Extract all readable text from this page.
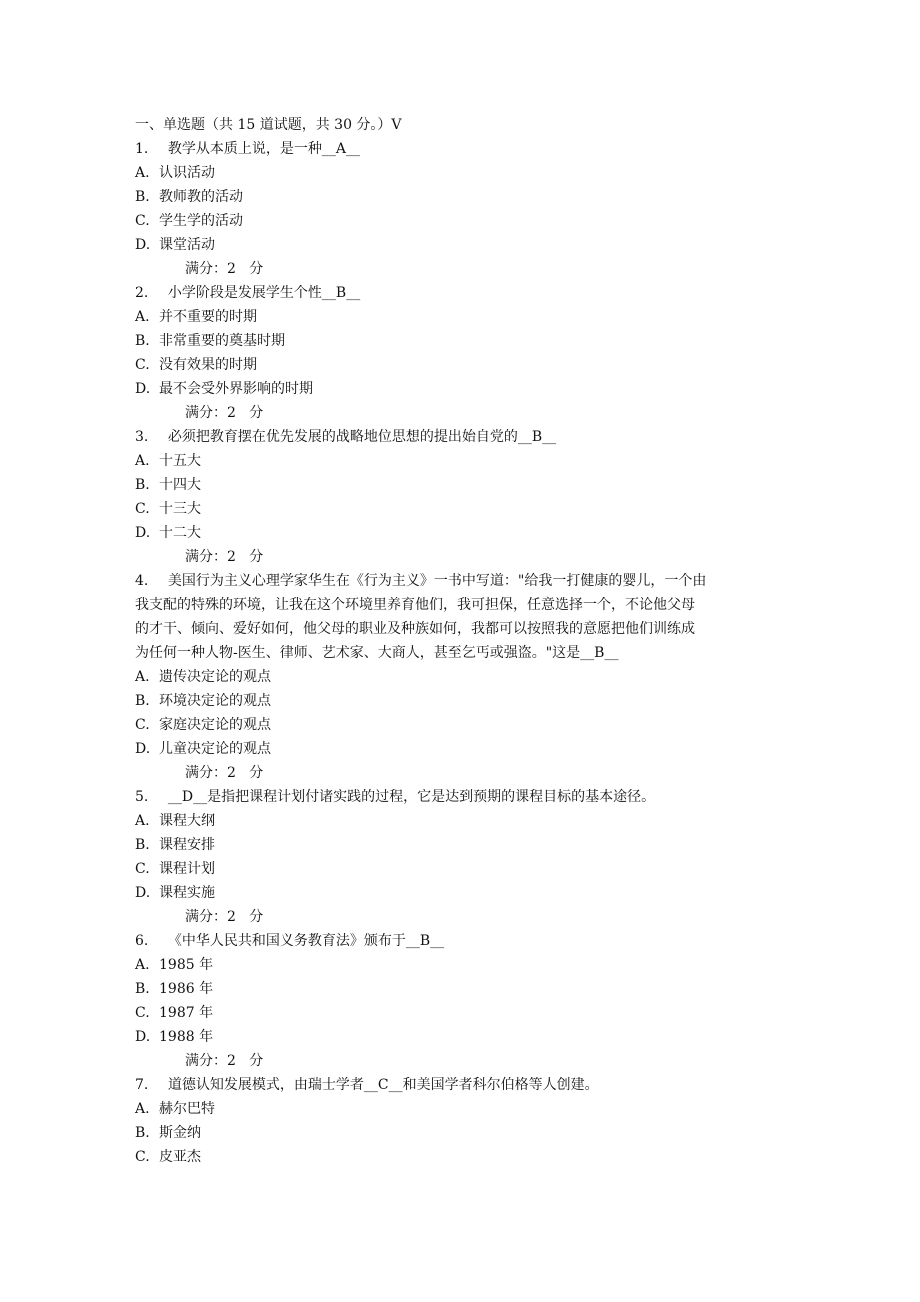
一、单选题（共 15 道试题，共 30 分。）V
1.  教学从本质上说，是一种__A__
A. 认识活动
B. 教师教的活动
C. 学生学的活动
D. 课堂活动
满分：2   分
2.  小学阶段是发展学生个性__B__
A. 并不重要的时期
B. 非常重要的奠基时期
C. 没有效果的时期
D. 最不会受外界影响的时期
满分：2   分
3.  必须把教育摆在优先发展的战略地位思想的提出始自党的__B__
A. 十五大
B. 十四大
C. 十三大
D. 十二大
满分：2   分
4.  美国行为主义心理学家华生在《行为主义》一书中写道："给我一打健康的婴儿，一个由
我支配的特殊的环境，让我在这个环境里养育他们，我可担保，任意选择一个，不论他父母
的才干、倾向、爱好如何，他父母的职业及种族如何，我都可以按照我的意愿把他们训练成
为任何一种人物-医生、律师、艺术家、大商人，甚至乞丐或强盗。"这是__B__
A. 遗传决定论的观点
B. 环境决定论的观点
C. 家庭决定论的观点
D. 儿童决定论的观点
满分：2   分
5.  __D__是指把课程计划付诸实践的过程，它是达到预期的课程目标的基本途径。
A. 课程大纲
B. 课程安排
C. 课程计划
D. 课程实施
满分：2   分
6.  《中华人民共和国义务教育法》颁布于__B__
A. 1985 年
B. 1986 年
C. 1987 年
D. 1988 年
满分：2   分
7.  道德认知发展模式，由瑞士学者__C__和美国学者科尔伯格等人创建。
A. 赫尔巴特
B. 斯金纳
C. 皮亚杰
